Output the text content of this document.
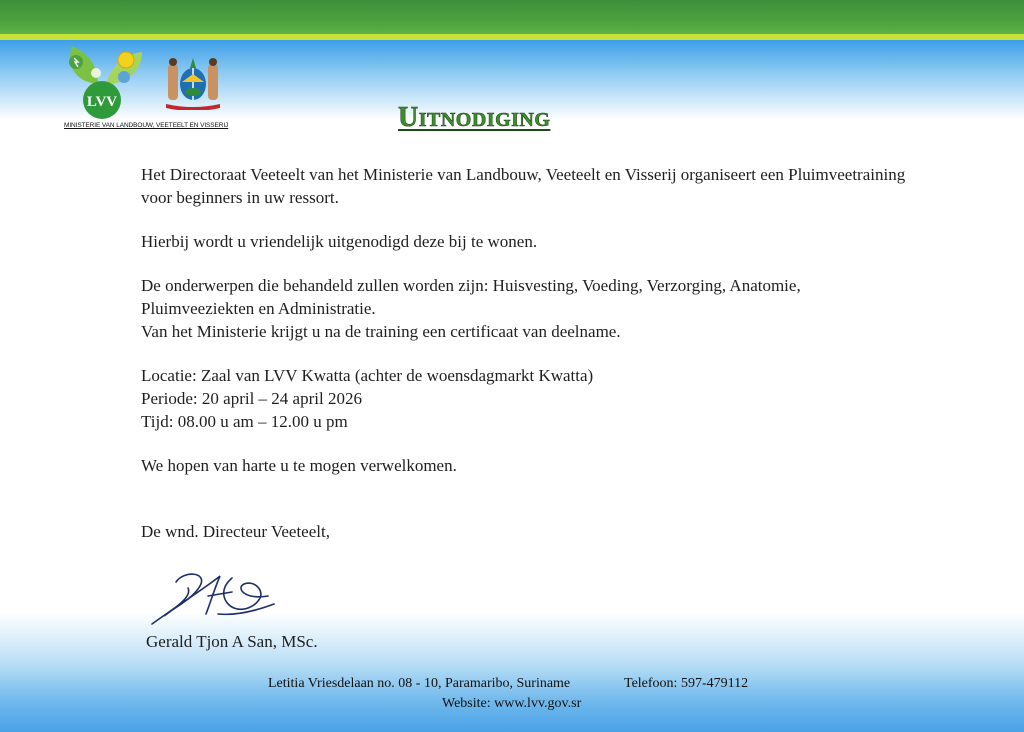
LVV
MINISTERIE VAN LANDBOUW, VEETEELT EN VISSERIJ	Uitnodiging

Het Directoraat Veeteelt van het Ministerie van Landbouw, Veeteelt en Visserij organiseert een Pluimveetraining voor beginners in uw ressort.

Hierbij wordt u vriendelijk uitgenodigd deze bij te wonen.

De onderwerpen die behandeld zullen worden zijn: Huisvesting, Voeding, Verzorging, Anatomie, Pluimveeziekten en Administratie.

Van het Ministerie krijgt u na de training een certificaat van deelname.

Locatie: Zaal van LVV Kwatta (achter de woensdagmarkt Kwatta)

Periode: 20 april – 24 april 2026

Tijd: 08.00 u am – 12.00 u pm

We hopen van harte u te mogen verwelkomen.

De wnd. Directeur Veeteelt,

Gerald Tjon A San, MSc.
Letitia Vriesdelaan no. 08 - 10, Paramaribo, Suriname	Telefoon: 597-479112
Website: www.lvv.gov.sr
